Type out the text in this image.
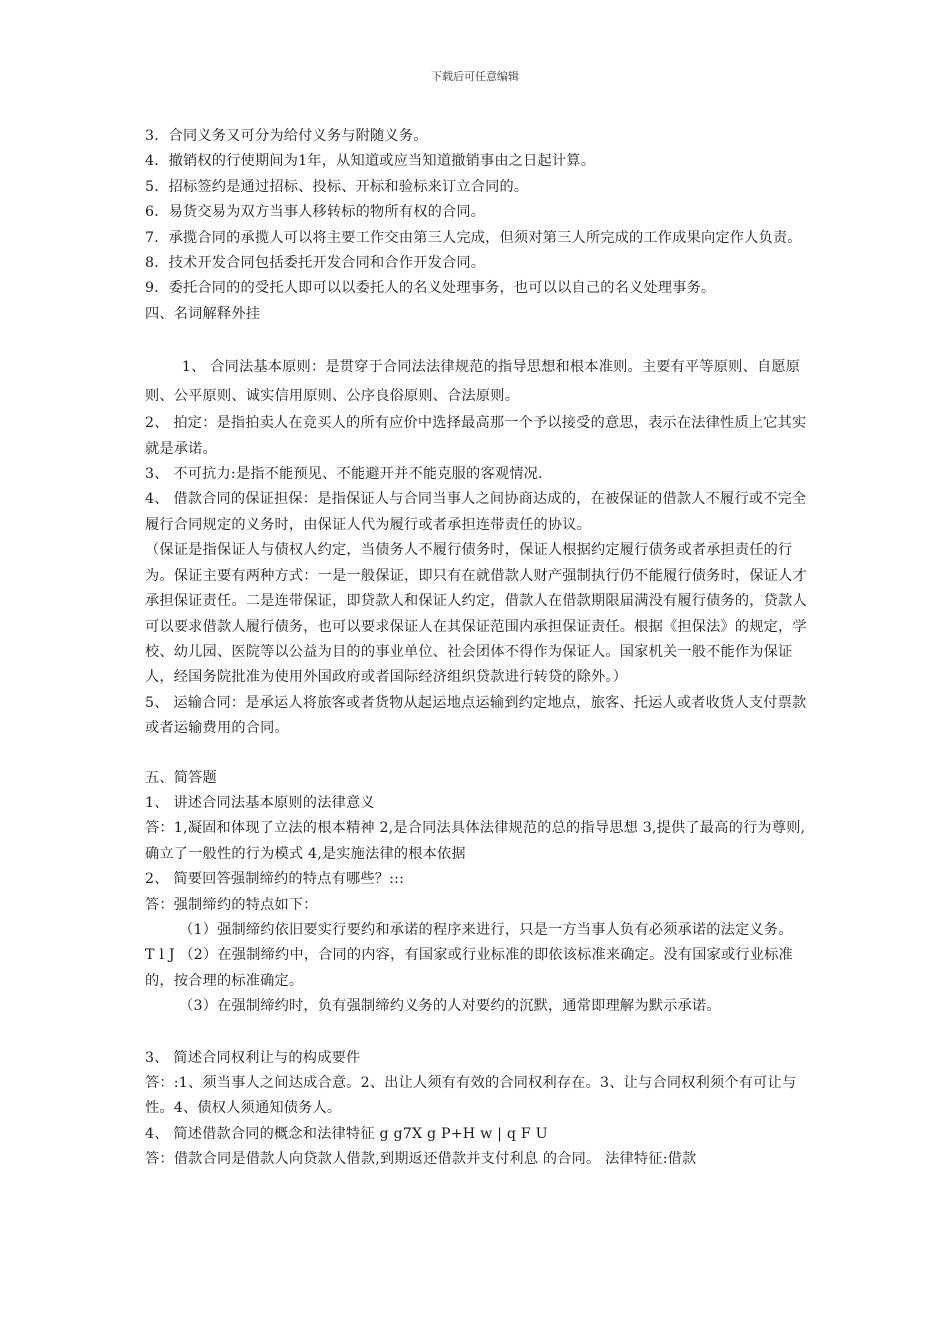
下载后可任意编辑

3．合同义务又可分为给付义务与附随义务。

4．撤销权的行使期间为1年，从知道或应当知道撤销事由之日起计算。

5．招标签约是通过招标、投标、开标和验标来订立合同的。

6．易货交易为双方当事人移转标的物所有权的合同。

7．承揽合同的承揽人可以将主要工作交由第三人完成，但须对第三人所完成的工作成果向定作人负责。

8．技术开发合同包括委托开发合同和合作开发合同。

9．委托合同的的受托人即可以以委托人的名义处理事务，也可以以自己的名义处理事务。

四、名词解释外挂

1、 合同法基本原则：是贯穿于合同法法律规范的指导思想和根本准则。主要有平等原则、自愿原则、公平原则、诚实信用原则、公序良俗原则、合法原则。

2、 拍定：是指拍卖人在竞买人的所有应价中选择最高那一个予以接受的意思，表示在法律性质上它其实就是承诺。

3、 不可抗力:是指不能预见、不能避开并不能克服的客观情况.

4、 借款合同的保证担保：是指保证人与合同当事人之间协商达成的，在被保证的借款人不履行或不完全履行合同规定的义务时，由保证人代为履行或者承担连带责任的协议。

（保证是指保证人与债权人约定，当债务人不履行债务时，保证人根据约定履行债务或者承担责任的行为。保证主要有两种方式：一是一般保证，即只有在就借款人财产强制执行仍不能履行债务时，保证人才承担保证责任。二是连带保证，即贷款人和保证人约定，借款人在借款期限届满没有履行债务的，贷款人可以要求借款人履行债务，也可以要求保证人在其保证范围内承担保证责任。根据《担保法》的规定，学校、幼儿园、医院等以公益为目的的事业单位、社会团体不得作为保证人。国家机关一般不能作为保证人，经国务院批准为使用外国政府或者国际经济组织贷款进行转贷的除外。）

5、 运输合同：是承运人将旅客或者货物从起运地点运输到约定地点，旅客、托运人或者收货人支付票款或者运输费用的合同。

五、简答题

1、 讲述合同法基本原则的法律意义

答：1,凝固和体现了立法的根本精神 2,是合同法具体法律规范的总的指导思想 3,提供了最高的行为尊则,确立了一般性的行为模式 4,是实施法律的根本依据

2、 简要回答强制缔约的特点有哪些？:::

答：强制缔约的特点如下：

（1）强制缔约依旧要实行要约和承诺的程序来进行，只是一方当事人负有必须承诺的法定义务。

T l J （2）在强制缔约中，合同的内容，有国家或行业标准的即依该标准来确定。没有国家或行业标准的，按合理的标准确定。

（3）在强制缔约时，负有强制缔约义务的人对要约的沉默，通常即理解为默示承诺。

3、 简述合同权利让与的构成要件

答：:1、须当事人之间达成合意。2、出让人须有有效的合同权利存在。3、让与合同权利须个有可让与性。4、债权人须通知债务人。

4、 简述借款合同的概念和法律特征 g g7X g P+H w | q F U

答：借款合同是借款人向贷款人借款,到期返还借款并支付利息 的合同。 法律特征:借款
